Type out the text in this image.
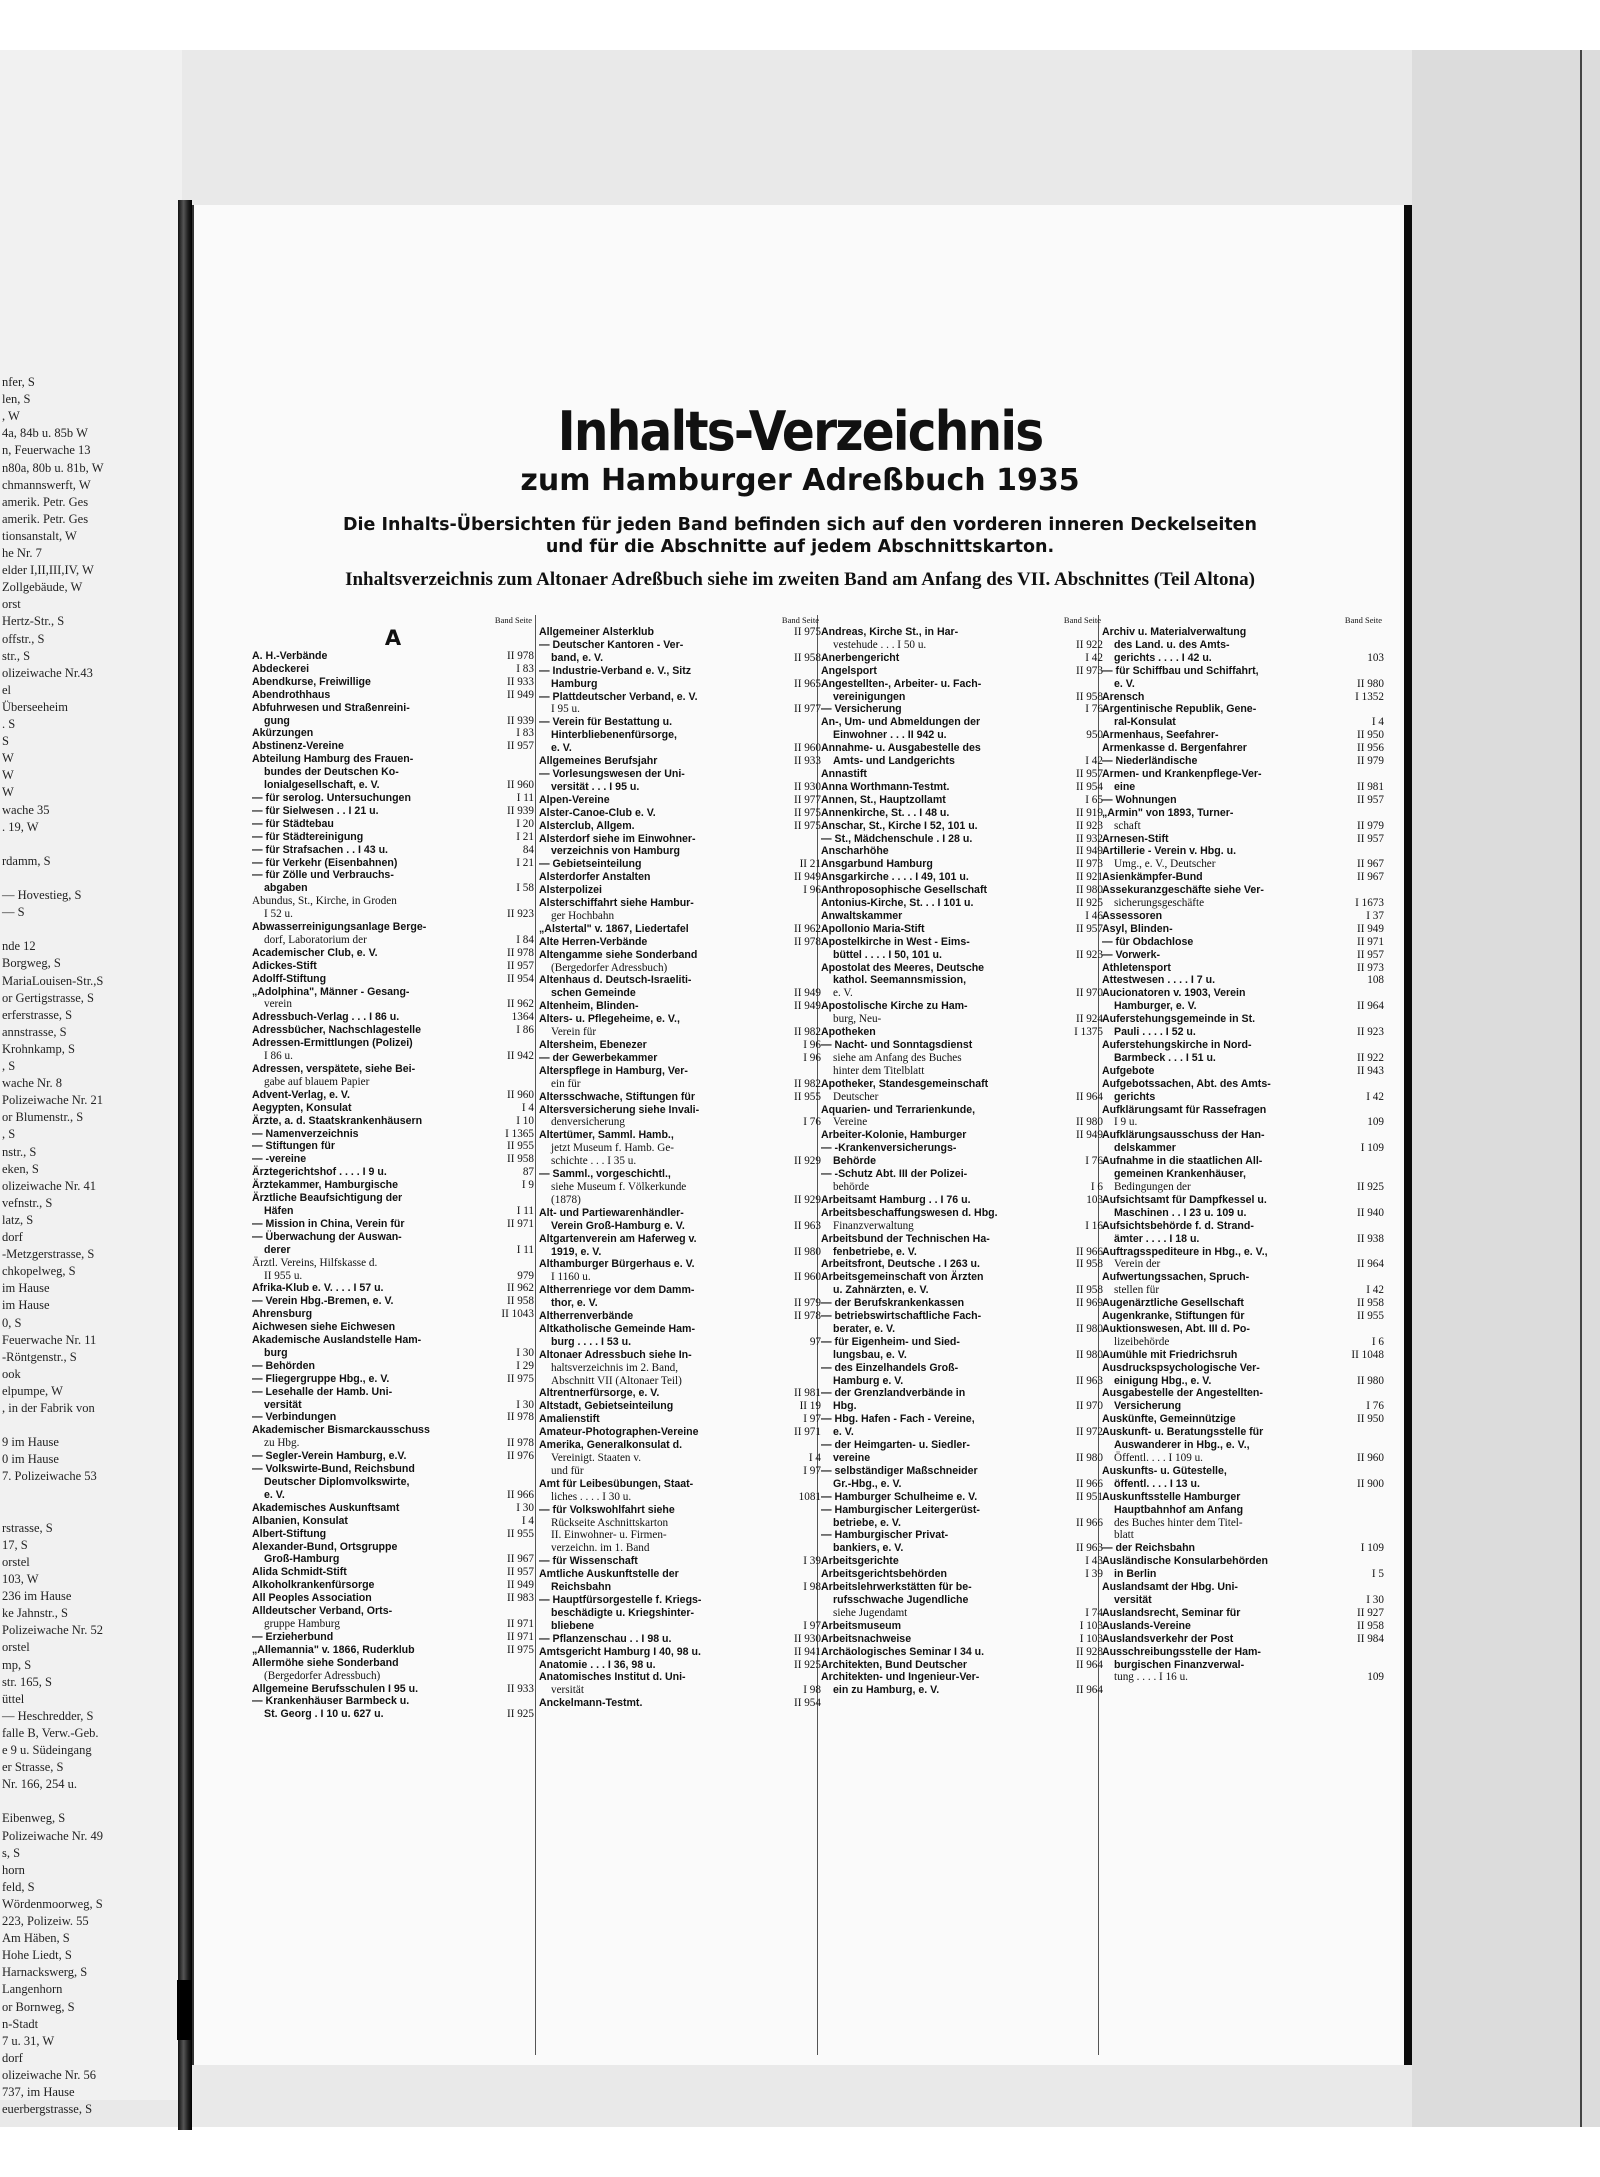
nfer, S
len, S
, W
4a, 84b u. 85b W
n, Feuerwache 13
n80a, 80b u. 81b, W
chmannswerft, W
amerik. Petr. Ges
amerik. Petr. Ges
tionsanstalt, W
he Nr. 7
elder I,II,III,IV, W
Zollgebäude, W
orst
Hertz-Str., S
offstr., S
str., S
olizeiwache Nr.43
el
Überseeheim
. S
S
W
W
W
wache 35
. 19, W
rdamm, S
— Hovestieg, S
— S
nde 12
Borgweg, S
MariaLouisen-Str.,S
or Gertigstrasse, S
erferstrasse, S
annstrasse, S
Krohnkamp, S
, S
wache Nr. 8
Polizeiwache Nr. 21
or Blumenstr., S
, S
nstr., S
eken, S
olizeiwache Nr. 41
vefnstr., S
latz, S
dorf
-Metzgerstrasse, S
chkopelweg, S
im Hause
im Hause
0, S
Feuerwache Nr. 11
-Röntgenstr., S
ook
elpumpe, W
, in der Fabrik von
9 im Hause
0 im Hause
7. Polizeiwache 53
rstrasse, S
17, S
orstel
103, W
236 im Hause
ke Jahnstr., S
Polizeiwache Nr. 52
orstel
mp, S
str. 165, S
üttel
— Heschredder, S
falle B, Verw.-Geb.
e 9 u. Südeingang
er Strasse, S
Nr. 166, 254 u.
Eibenweg, S
Polizeiwache Nr. 49
s, S
horn
feld, S
Wördenmoorweg, S
223, Polizeiw. 55
Am Häben, S
Hohe Liedt, S
Harnackswerg, S
Langenhorn
or Bornweg, S
n-Stadt
7 u. 31, W
dorf
olizeiwache Nr. 56
737, im Hause
euerbergstrasse, S
Inhalts-Verzeichnis
zum Hamburger Adreßbuch 1935
Die Inhalts-Übersichten für jeden Band befinden sich auf den vorderen inneren Deckelseiten
und für die Abschnitte auf jedem Abschnittskarton.
Inhaltsverzeichnis zum Altonaer Adreßbuch siehe im zweiten Band am Anfang des VII. Abschnittes (Teil Altona)
Band Seite
A
A. H.-Verbände	II 978
Abdeckerei	I 83
Abendkurse, Freiwillige	II 933
Abendrothhaus	II 949
Abfuhrwesen und Straßenreini-
gung	II 939
Akürzungen	I 83
Abstinenz-Vereine	II 957
Abteilung Hamburg des Frauen-
bundes der Deutschen Ko-
lonialgesellschaft, e. V.	II 960
— für serolog. Untersuchungen	I 11
— für Sielwesen . . I 21 u.	II 939
— für Städtebau	I 20
— für Städtereinigung	I 21
— für Strafsachen . . I 43 u.	84
— für Verkehr (Eisenbahnen)	I 21
— für Zölle und Verbrauchs-
abgaben	I 58
Abundus, St., Kirche, in Groden
I 52 u.	II 923
Abwasserreinigungsanlage Berge-
dorf, Laboratorium der	I 84
Academischer Club, e. V.	II 978
Adickes-Stift	II 957
Adolff-Stiftung	II 954
„Adolphina", Männer - Gesang-
verein	II 962
Adressbuch-Verlag . . . I 86 u.	1364
Adressbücher, Nachschlagestelle	I 86
Adressen-Ermittlungen (Polizei)
I 86 u.	II 942
Adressen, verspätete, siehe Bei-
gabe auf blauem Papier
Advent-Verlag, e. V.	II 960
Aegypten, Konsulat	I 4
Ärzte, a. d. Staatskrankenhäusern	I 10
— Namenverzeichnis	I 1365
— Stiftungen für	II 955
— -vereine	II 958
Ärztegerichtshof . . . . I 9 u.	87
Ärztekammer, Hamburgische	I 9
Ärztliche Beaufsichtigung der
Häfen	I 11
— Mission in China, Verein für	II 971
— Überwachung der Auswan-
derer	I 11
Ärztl. Vereins, Hilfskasse d.
II 955 u.	979
Afrika-Klub e. V. . . . I 57 u.	II 962
— Verein Hbg.-Bremen, e. V.	II 958
Ahrensburg	II 1043
Aichwesen siehe Eichwesen
Akademische Auslandstelle Ham-
burg	I 30
— Behörden	I 29
— Fliegergruppe Hbg., e. V.	II 975
— Lesehalle der Hamb. Uni-
versität	I 30
— Verbindungen	II 978
Akademischer Bismarckausschuss
zu Hbg.	II 978
— Segler-Verein Hamburg, e.V.	II 976
— Volkswirte-Bund, Reichsbund
Deutscher Diplomvolkswirte,
e. V.	II 966
Akademisches Auskunftsamt	I 30
Albanien, Konsulat	I 4
Albert-Stiftung	II 955
Alexander-Bund, Ortsgruppe
Groß-Hamburg	II 967
Alida Schmidt-Stift	II 957
Alkoholkrankenfürsorge	II 949
All Peoples Association	II 983
Alldeutscher Verband, Orts-
gruppe Hamburg	II 971
— Erzieherbund	II 971
„Allemannia" v. 1866, Ruderklub	II 975
Allermöhe siehe Sonderband
(Bergedorfer Adressbuch)
Allgemeine Berufsschulen I 95 u.	II 933
— Krankenhäuser Barmbeck u.
St. Georg . I 10 u. 627 u.	II 925
Band Seite
Allgemeiner Alsterklub	II 975
— Deutscher Kantoren - Ver-
band, e. V.	II 958
— Industrie-Verband e. V., Sitz
Hamburg	II 965
— Plattdeutscher Verband, e. V.
I 95 u.	II 977
— Verein für Bestattung u.
Hinterbliebenenfürsorge,
e. V.	II 960
Allgemeines Berufsjahr	II 933
— Vorlesungswesen der Uni-
versität . . . I 95 u.	II 930
Alpen-Vereine	II 977
Alster-Canoe-Club e. V.	II 975
Alsterclub, Allgem.	II 975
Alsterdorf siehe im Einwohner-
verzeichnis von Hamburg
— Gebietseinteilung	II 21
Alsterdorfer Anstalten	II 949
Alsterpolizei	I 96
Alsterschiffahrt siehe Hambur-
ger Hochbahn
„Alstertal" v. 1867, Liedertafel	II 962
Alte Herren-Verbände	II 978
Altengamme siehe Sonderband
(Bergedorfer Adressbuch)
Altenhaus d. Deutsch-Israeliti-
schen Gemeinde	II 949
Altenheim, Blinden-	II 949
Alters- u. Pflegeheime, e. V.,
Verein für	II 982
Altersheim, Ebenezer	I 96
— der Gewerbekammer	I 96
Alterspflege in Hamburg, Ver-
ein für	II 982
Altersschwache, Stiftungen für	II 955
Altersversicherung siehe Invali-
denversicherung	I 76
Altertümer, Samml. Hamb.,
jetzt Museum f. Hamb. Ge-
schichte . . . I 35 u.	II 929
— Samml., vorgeschichtl.,
siehe Museum f. Völkerkunde
(1878)	II 929
Alt- und Partiewarenhändler-
Verein Groß-Hamburg e. V.	II 963
Altgartenverein am Haferweg v.
1919, e. V.	II 980
Althamburger Bürgerhaus e. V.
I 1160 u.	II 960
Altherrenriege vor dem Damm-
thor, e. V.	II 979
Altherrenverbände	II 978
Altkatholische Gemeinde Ham-
burg . . . . I 53 u.	97
Altonaer Adressbuch siehe In-
haltsverzeichnis im 2. Band,
Abschnitt VII (Altonaer Teil)
Altrentnerfürsorge, e. V.	II 981
Altstadt, Gebietseinteilung	II 19
Amalienstift	I 97
Amateur-Photographen-Vereine	II 971
Amerika, Generalkonsulat d.
Vereinigt. Staaten v.	I 4
und für	I 97
Amt für Leibesübungen, Staat-
liches . . . . I 30 u.	1081
— für Volkswohlfahrt siehe
Rückseite Aschnittskarton
II. Einwohner- u. Firmen-
verzeichn. im 1. Band
— für Wissenschaft	I 39
Amtliche Auskunftstelle der
Reichsbahn	I 98
— Hauptfürsorgestelle f. Kriegs-
beschädigte u. Kriegshinter-
bliebene	I 97
— Pflanzenschau . . I 98 u.	II 930
Amtsgericht Hamburg I 40, 98 u.	II 941
Anatomie . . . I 36, 98 u.	II 925
Anatomisches Institut d. Uni-
versität	I 98
Anckelmann-Testmt.	II 954
Band Seite
Andreas, Kirche St., in Har-
vestehude . . . I 50 u.	II 922
Anerbengericht	I 42
Angelsport	II 973
Angestellten-, Arbeiter- u. Fach-
vereinigungen	II 958
— Versicherung	I 76
An-, Um- und Abmeldungen der
Einwohner . . . II 942 u.	950
Annahme- u. Ausgabestelle des
Amts- und Landgerichts	I 42
Annastift	II 957
Anna Worthmann-Testmt.	II 954
Annen, St., Hauptzollamt	I 65
Annenkirche, St. . . I 48 u.	II 919
Anschar, St., Kirche I 52, 101 u.	II 923
— St., Mädchenschule . I 28 u.	II 932
Anscharhöhe	II 949
Ansgarbund Hamburg	II 973
Ansgarkirche . . . . I 49, 101 u.	II 921
Anthroposophische Gesellschaft	II 980
Antonius-Kirche, St. . . I 101 u.	II 925
Anwaltskammer	I 46
Apollonio Maria-Stift	II 957
Apostelkirche in West - Eims-
büttel . . . . I 50, 101 u.	II 923
Apostolat des Meeres, Deutsche
kathol. Seemannsmission,
e. V.	II 970
Apostolische Kirche zu Ham-
burg, Neu-	II 924
Apotheken	I 1375
— Nacht- und Sonntagsdienst
siehe am Anfang des Buches
hinter dem Titelblatt
Apotheker, Standesgemeinschaft
Deutscher	II 964
Aquarien- und Terrarienkunde,
Vereine	II 980
Arbeiter-Kolonie, Hamburger	II 949
— -Krankenversicherungs-
Behörde	I 76
— -Schutz Abt. III der Polizei-
behörde	I 6
Arbeitsamt Hamburg . . I 76 u.	103
Arbeitsbeschaffungswesen d. Hbg.
Finanzverwaltung	I 16
Arbeitsbund der Technischen Ha-
fenbetriebe, e. V.	II 966
Arbeitsfront, Deutsche . I 263 u.	II 958
Arbeitsgemeinschaft von Ärzten
u. Zahnärzten, e. V.	II 958
— der Berufskrankenkassen	II 969
— betriebswirtschaftliche Fach-
berater, e. V.	II 980
— für Eigenheim- und Sied-
lungsbau, e. V.	II 980
— des Einzelhandels Groß-
Hamburg e. V.	II 963
— der Grenzlandverbände in
Hbg.	II 970
— Hbg. Hafen - Fach - Vereine,
e. V.	II 972
— der Heimgarten- u. Siedler-
vereine	II 980
— selbständiger Maßschneider
Gr.-Hbg., e. V.	II 966
— Hamburger Schulheime e. V.	II 951
— Hamburgischer Leitergerüst-
betriebe, e. V.	II 966
— Hamburgischer Privat-
bankiers, e. V.	II 963
Arbeitsgerichte	I 43
Arbeitsgerichtsbehörden	I 39
Arbeitslehrwerkstätten für be-
rufsschwache Jugendliche
siehe Jugendamt	I 74
Arbeitsmuseum	I 103
Arbeitsnachweise	I 103
Archäologisches Seminar I 34 u.	II 928
Architekten, Bund Deutscher	II 964
Architekten- und Ingenieur-Ver-
ein zu Hamburg, e. V.	II 964
Band Seite
Archiv u. Materialverwaltung
des Land. u. des Amts-
gerichts . . . . I 42 u.	103
— für Schiffbau und Schiffahrt,
e. V.	II 980
Arensch	I 1352
Argentinische Republik, Gene-
ral-Konsulat	I 4
Armenhaus, Seefahrer-	II 950
Armenkasse d. Bergenfahrer	II 956
— Niederländische	II 979
Armen- und Krankenpflege-Ver-
eine	II 981
— Wohnungen	II 957
„Armin" von 1893, Turner-
schaft	II 979
Arnesen-Stift	II 957
Artillerie - Verein v. Hbg. u.
Umg., e. V., Deutscher	II 967
Asienkämpfer-Bund	II 967
Assekuranzgeschäfte siehe Ver-
sicherungsgeschäfte	I 1673
Assessoren	I 37
Asyl, Blinden-	II 949
— für Obdachlose	II 971
— Vorwerk-	II 957
Athletensport	II 973
Attestwesen . . . . I 7 u.	108
Aucionatoren v. 1903, Verein
Hamburger, e. V.	II 964
Auferstehungsgemeinde in St.
Pauli . . . . I 52 u.	II 923
Auferstehungskirche in Nord-
Barmbeck . . . I 51 u.	II 922
Aufgebote	II 943
Aufgebotssachen, Abt. des Amts-
gerichts	I 42
Aufklärungsamt für Rassefragen
I 9 u.	109
Aufklärungsausschuss der Han-
delskammer	I 109
Aufnahme in die staatlichen All-
gemeinen Krankenhäuser,
Bedingungen der	II 925
Aufsichtsamt für Dampfkessel u.
Maschinen . . I 23 u. 109 u.	II 940
Aufsichtsbehörde f. d. Strand-
ämter . . . . I 18 u.	II 938
Auftragsspediteure in Hbg., e. V.,
Verein der	II 964
Aufwertungssachen, Spruch-
stellen für	I 42
Augenärztliche Gesellschaft	II 958
Augenkranke, Stiftungen für	II 955
Auktionswesen, Abt. III d. Po-
lizeibehörde	I 6
Aumühle mit Friedrichsruh	II 1048
Ausdruckspsychologische Ver-
einigung Hbg., e. V.	II 980
Ausgabestelle der Angestellten-
Versicherung	I 76
Auskünfte, Gemeinnützige	II 950
Auskunft- u. Beratungsstelle für
Auswanderer in Hbg., e. V.,
Öffentl. . . . I 109 u.	II 960
Auskunfts- u. Gütestelle,
öffentl. . . . I 13 u.	II 900
Auskunftsstelle Hamburger
Hauptbahnhof am Anfang
des Buches hinter dem Titel-
blatt
— der Reichsbahn	I 109
Ausländische Konsularbehörden
in Berlin	I 5
Auslandsamt der Hbg. Uni-
versität	I 30
Auslandsrecht, Seminar für	II 927
Auslands-Vereine	II 958
Auslandsverkehr der Post	II 984
Ausschreibungsstelle der Ham-
burgischen Finanzverwal-
tung . . . . I 16 u.	109
